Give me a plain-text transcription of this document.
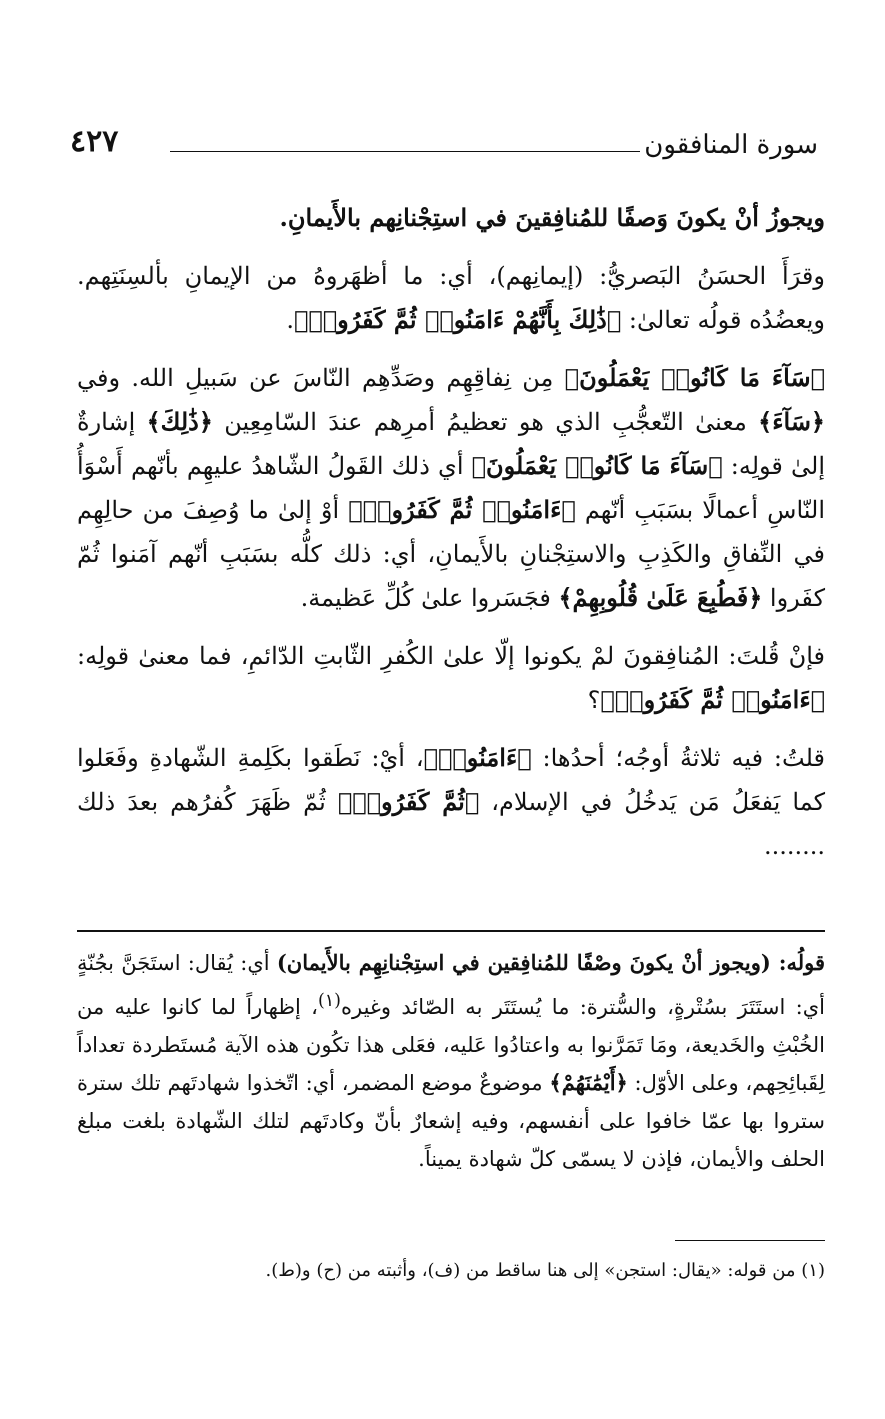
سورة المنافقون
٤٢٧

ويجوزُ أنْ يكونَ وَصفًا للمُنافِقينَ في استِجْنانِهم بالأَيمانِ.

وقرَأَ الحسَنُ البَصريُّ: (إيمانِهم)، أي: ما أظهَروهُ من الإيمانِ بألسِنَتِهم. ويعضُدُه قولُه تعالىٰ: ﴿ذَٰلِكَ بِأَنَّهُمْ ءَامَنُوا۟ ثُمَّ كَفَرُوا۟﴾.

﴿سَآءَ مَا كَانُوا۟ يَعْمَلُونَ﴾ مِن نِفاقِهِم وصَدِّهِم النّاسَ عن سَبيلِ الله. وفي ﴿سَآءَ﴾ معنىٰ التّعجُّبِ الذي هو تعظيمُ أمرِهم عندَ السّامِعِين ﴿ذَٰلِكَ﴾ إشارةٌ إلىٰ قولِه: ﴿سَآءَ مَا كَانُوا۟ يَعْمَلُونَ﴾ أي ذلك القَولُ الشّاهدُ عليهِم بأنّهم أَسْوَأُ النّاسِ أعمالًا بسَبَبِ أنّهم ﴿ءَامَنُوا۟ ثُمَّ كَفَرُوا۟﴾ أوْ إلىٰ ما وُصِفَ من حالِهِم في النِّفاقِ والكَذِبِ والاستِجْنانِ بالأَيمانِ، أي: ذلك كلُّه بسَبَبِ أنّهم آمَنوا ثُمّ كفَروا ﴿فَطُبِعَ عَلَىٰ قُلُوبِهِمْ﴾ فجَسَروا علىٰ كُلِّ عَظيمة.

فإنْ قُلتَ: المُنافِقونَ لمْ يكونوا إلّا علىٰ الكُفرِ الثّابتِ الدّائمِ، فما معنىٰ قولِه: ﴿ءَامَنُوا۟ ثُمَّ كَفَرُوا۟﴾؟

قلتُ: فيه ثلاثةُ أوجُه؛ أحدُها: ﴿ءَامَنُوا۟﴾، أيْ: نَطَقوا بكَلِمةِ الشّهادةِ وفَعَلوا كما يَفعَلُ مَن يَدخُلُ في الإسلام، ﴿ثُمَّ كَفَرُوا۟﴾ ثُمّ ظَهَرَ كُفرُهم بعدَ ذلك ........

قولُه: (ويجوز أنْ يكونَ وصْفًا للمُنافِقين في استِجْنانِهِم بالأَيمان) أي: يُقال: استَجَنَّ بجُنّةٍ أي: استَتَرَ بسُتْرةٍ، والسُّترة: ما يُستَتَر به الصّائد وغيره$^{(١)}$، إظهاراً لما كانوا عليه من الخُبْثِ والخَديعة، ومَا تَمَرَّنوا به واعتادُوا عَليه، فعَلى هذا تكُون هذه الآية مُستَطردة تعداداً لِقَبائِحِهم، وعلى الأوّل: ﴿أَيْمَٰنَهُمْ﴾ موضوعٌ موضع المضمر، أي: اتّخذوا شهادتَهم تلك سترة ستروا بها عمّا خافوا على أنفسهم، وفيه إشعارٌ بأنّ وكادتَهم لتلك الشّهادة بلغت مبلغ الحلف والأيمان، فإذن لا يسمّى كلّ شهادة يميناً.

(١) من قوله: «يقال: استجن» إلى هنا ساقط من (ف)، وأثبته من (ح) و(ط).
